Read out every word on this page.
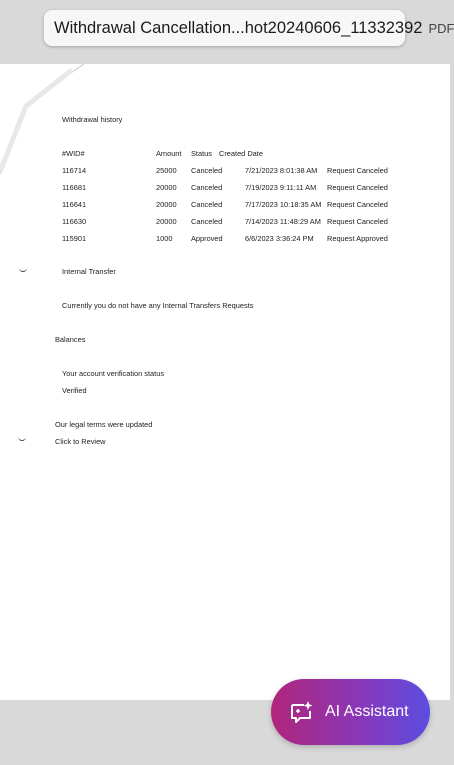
Withdrawal Cancellation...hot20240606_11332392 PDF
Withdrawal history
#WID#	Amount Status Created Date
116714	25000 Canceled	7/21/2023 8:01:38 AM Request Canceled
116681	20000 Canceled	7/19/2023 9:11:11 AM Request Canceled
116641	20000 Canceled	7/17/2023 10:18:35 AM Request Canceled
116630	20000 Canceled	7/14/2023 11:48:29 AM Request Canceled
115901	1000	Approved	6/6/2023 3:36:24 PM Request Approved
Internal Transfer
Currently you do not have any Internal Transfers Requests
Balances
Your account verification status
Verified
Our legal terms were updated
Click to Review
AI Assistant
